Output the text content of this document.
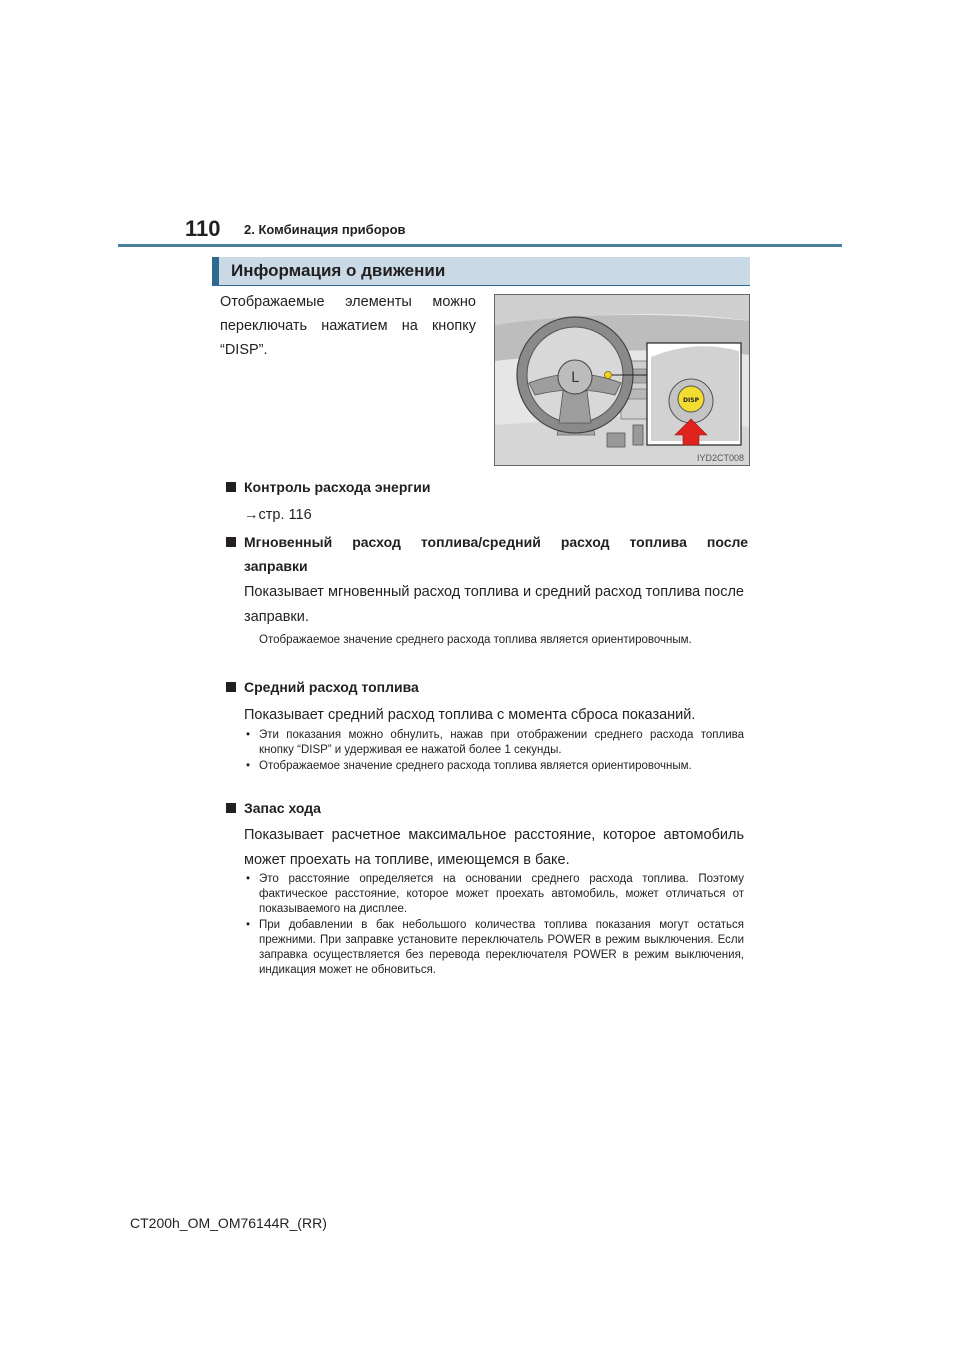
110 2. Комбинация приборов
Информация о движении
Отображаемые элементы можно переключать нажатием на кнопку “DISP”.
L
DISP
IYD2CT008
Контроль расхода энергии
→стр. 116
Мгновенный расход топлива/средний расход топлива после
заправки
Показывает мгновенный расход топлива и средний расход топлива после заправки.
Отображаемое значение среднего расхода топлива является ориентировочным.
Средний расход топлива
Показывает средний расход топлива с момента сброса показаний.
• Эти показания можно обнулить, нажав при отображении среднего расхода топлива кнопку “DISP” и удерживая ее нажатой более 1 секунды.
• Отображаемое значение среднего расхода топлива является ориентировочным.
Запас хода
Показывает расчетное максимальное расстояние, которое автомобиль может проехать на топливе, имеющемся в баке.
• Это расстояние определяется на основании среднего расхода топлива. Поэтому фактическое расстояние, которое может проехать автомобиль, может отличаться от показываемого на дисплее.
• При добавлении в бак небольшого количества топлива показания могут остаться прежними. При заправке установите переключатель POWER в режим выключения. Если заправка осуществляется без перевода переключателя POWER в режим выключения, индикация может не обновиться.
CT200h_OM_OM76144R_(RR)
